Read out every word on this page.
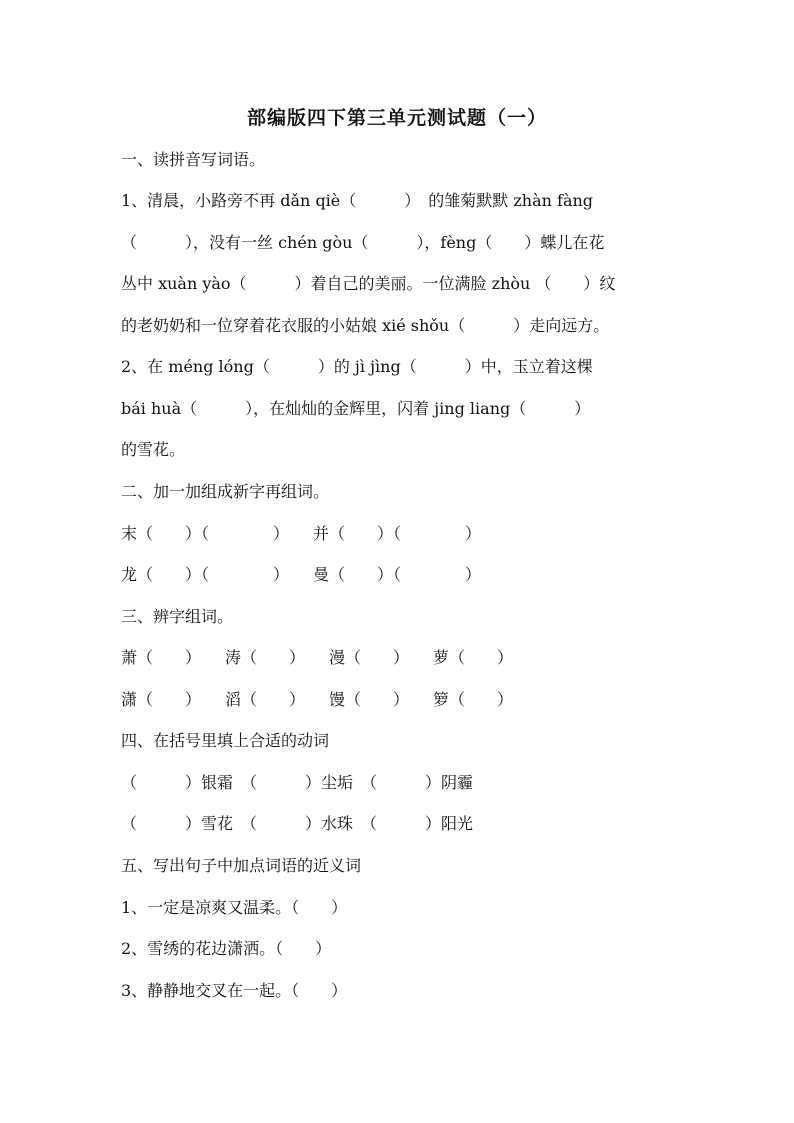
部编版四下第三单元测试题（一）
一、读拼音写词语。
1、清晨，小路旁不再 dǎn qiè（　　　）　的雏菊默默 zhàn fàng
（　　　），没有一丝 chén gòu（　　　），fèng（　　）蝶儿在花
丛中 xuàn yào（　　　）着自己的美丽。一位满脸 zhòu （　　）纹
的老奶奶和一位穿着花衣服的小姑娘 xié shǒu（　　　）走向远方。
2、在 méng lóng（　　　）的 jì jìng（　　　）中，玉立着这棵
bái huà（　　　），在灿灿的金辉里，闪着 jing liang（　　　）
的雪花。
二、加一加组成新字再组词。
末（　　）（　　　　）　　并（　　）（　　　　）
龙（　　）（　　　　）　　曼（　　）（　　　　）
三、辨字组词。
萧（　　）　　涛（　　）　　漫（　　）　　萝（　　）
潇（　　）　　滔（　　）　　馒（　　）　　箩（　　）
四、在括号里填上合适的动词
（　　　）银霜　（　　　）尘垢　（　　　）阴霾
（　　　）雪花　（　　　）水珠　（　　　）阳光
五、写出句子中加点词语的近义词
1、一定是凉爽又温柔。（　　）
2、雪绣的花边潇洒。（　　）
3、静静地交叉在一起。（　　）
